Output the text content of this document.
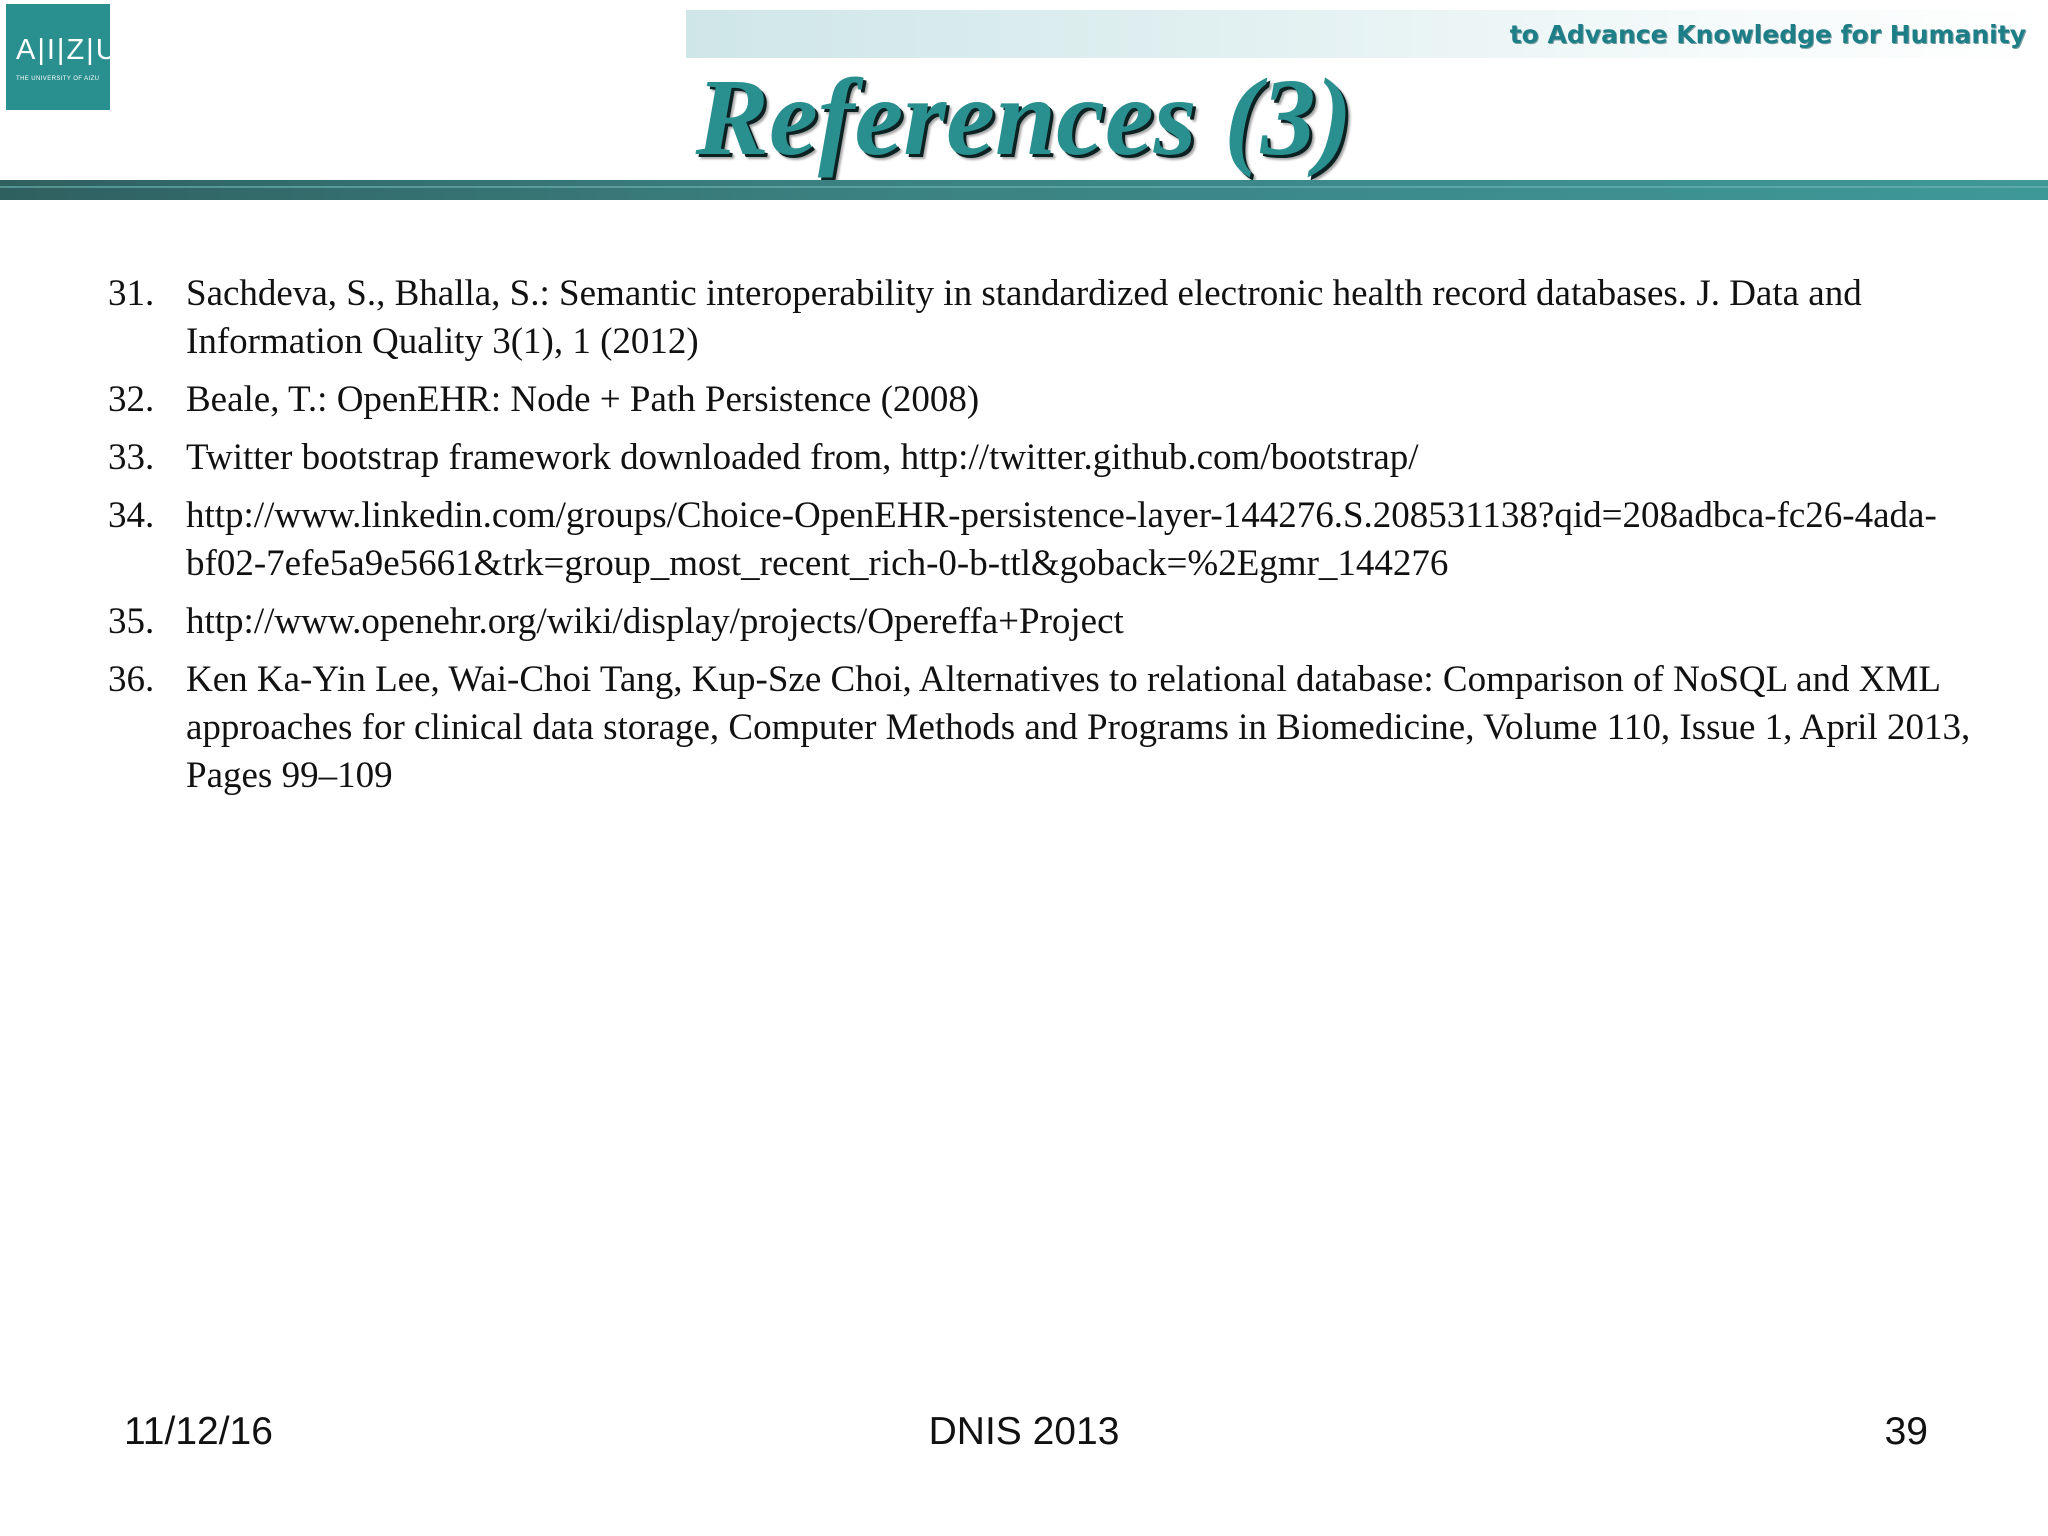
A|I|Z|U
THE UNIVERSITY OF AIZU
to Advance Knowledge for Humanity
References (3)
31. Sachdeva, S., Bhalla, S.: Semantic interoperability in standardized electronic health record databases. J. Data and Information Quality 3(1), 1 (2012)
32. Beale, T.: OpenEHR: Node + Path Persistence (2008)
33. Twitter bootstrap framework downloaded from, http://twitter.github.com/bootstrap/
34. http://www.linkedin.com/groups/Choice-OpenEHR-persistence-layer-144276.S.208531138?qid=208adbca-fc26-4ada-bf02-7efe5a9e5661&trk=group_most_recent_rich-0-b-ttl&goback=%2Egmr_144276
35. http://www.openehr.org/wiki/display/projects/Opereffa+Project
36. Ken Ka-Yin Lee, Wai-Choi Tang, Kup-Sze Choi, Alternatives to relational database: Comparison of NoSQL and XML approaches for clinical data storage, Computer Methods and Programs in Biomedicine, Volume 110, Issue 1, April 2013, Pages 99–109
11/12/16	DNIS 2013	39
